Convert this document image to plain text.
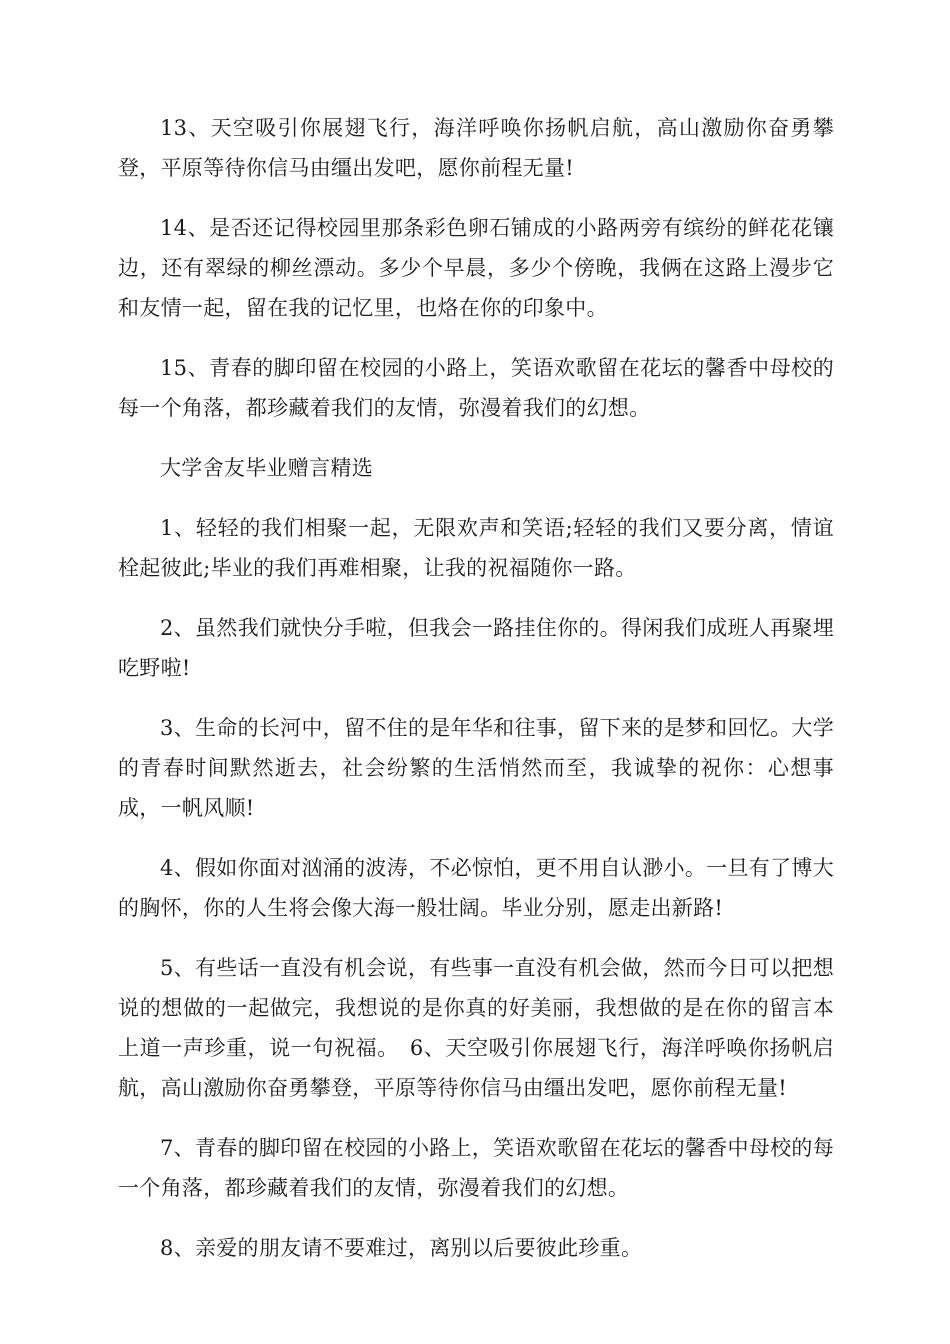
13、天空吸引你展翅飞行，海洋呼唤你扬帆启航，高山激励你奋勇攀登，平原等待你信马由缰出发吧，愿你前程无量!

14、是否还记得校园里那条彩色卵石铺成的小路两旁有缤纷的鲜花花镶边，还有翠绿的柳丝漂动。多少个早晨，多少个傍晚，我俩在这路上漫步它和友情一起，留在我的记忆里，也烙在你的印象中。

15、青春的脚印留在校园的小路上，笑语欢歌留在花坛的馨香中母校的每一个角落，都珍藏着我们的友情，弥漫着我们的幻想。

大学舍友毕业赠言精选

1、轻轻的我们相聚一起，无限欢声和笑语;轻轻的我们又要分离，情谊栓起彼此;毕业的我们再难相聚，让我的祝福随你一路。

2、虽然我们就快分手啦，但我会一路挂住你的。得闲我们成班人再聚埋吃野啦!

3、生命的长河中，留不住的是年华和往事，留下来的是梦和回忆。大学的青春时间默然逝去，社会纷繁的生活悄然而至，我诚挚的祝你：心想事成，一帆风顺!

4、假如你面对汹涌的波涛，不必惊怕，更不用自认渺小。一旦有了博大的胸怀，你的人生将会像大海一般壮阔。毕业分别，愿走出新路!

5、有些话一直没有机会说，有些事一直没有机会做，然而今日可以把想说的想做的一起做完，我想说的是你真的好美丽，我想做的是在你的留言本上道一声珍重，说一句祝福。　6、天空吸引你展翅飞行，海洋呼唤你扬帆启航，高山激励你奋勇攀登，平原等待你信马由缰出发吧，愿你前程无量!

7、青春的脚印留在校园的小路上，笑语欢歌留在花坛的馨香中母校的每一个角落，都珍藏着我们的友情，弥漫着我们的幻想。

8、亲爱的朋友请不要难过，离别以后要彼此珍重。
